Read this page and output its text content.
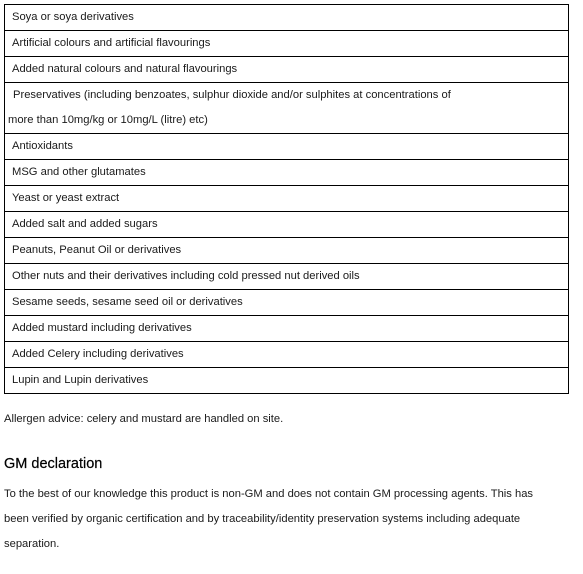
Soya or soya derivatives
Artificial colours and artificial flavourings
Added natural colours and natural flavourings

Preservatives (including benzoates, sulphur dioxide and/or sulphites at concentrations of
more than 10mg/kg or 10mg/L (litre) etc)

Antioxidants
MSG and other glutamates
Yeast or yeast extract
Added salt and added sugars
Peanuts, Peanut Oil or derivatives
Other nuts and their derivatives including cold pressed nut derived oils
Sesame seeds, sesame seed oil or derivatives
Added mustard including derivatives
Added Celery including derivatives
Lupin and Lupin derivatives

Allergen advice: celery and mustard are handled on site.

GM declaration

To the best of our knowledge this product is non-GM and does not contain GM processing agents. This has
been verified by organic certification and by traceability/identity preservation systems including adequate
separation.
